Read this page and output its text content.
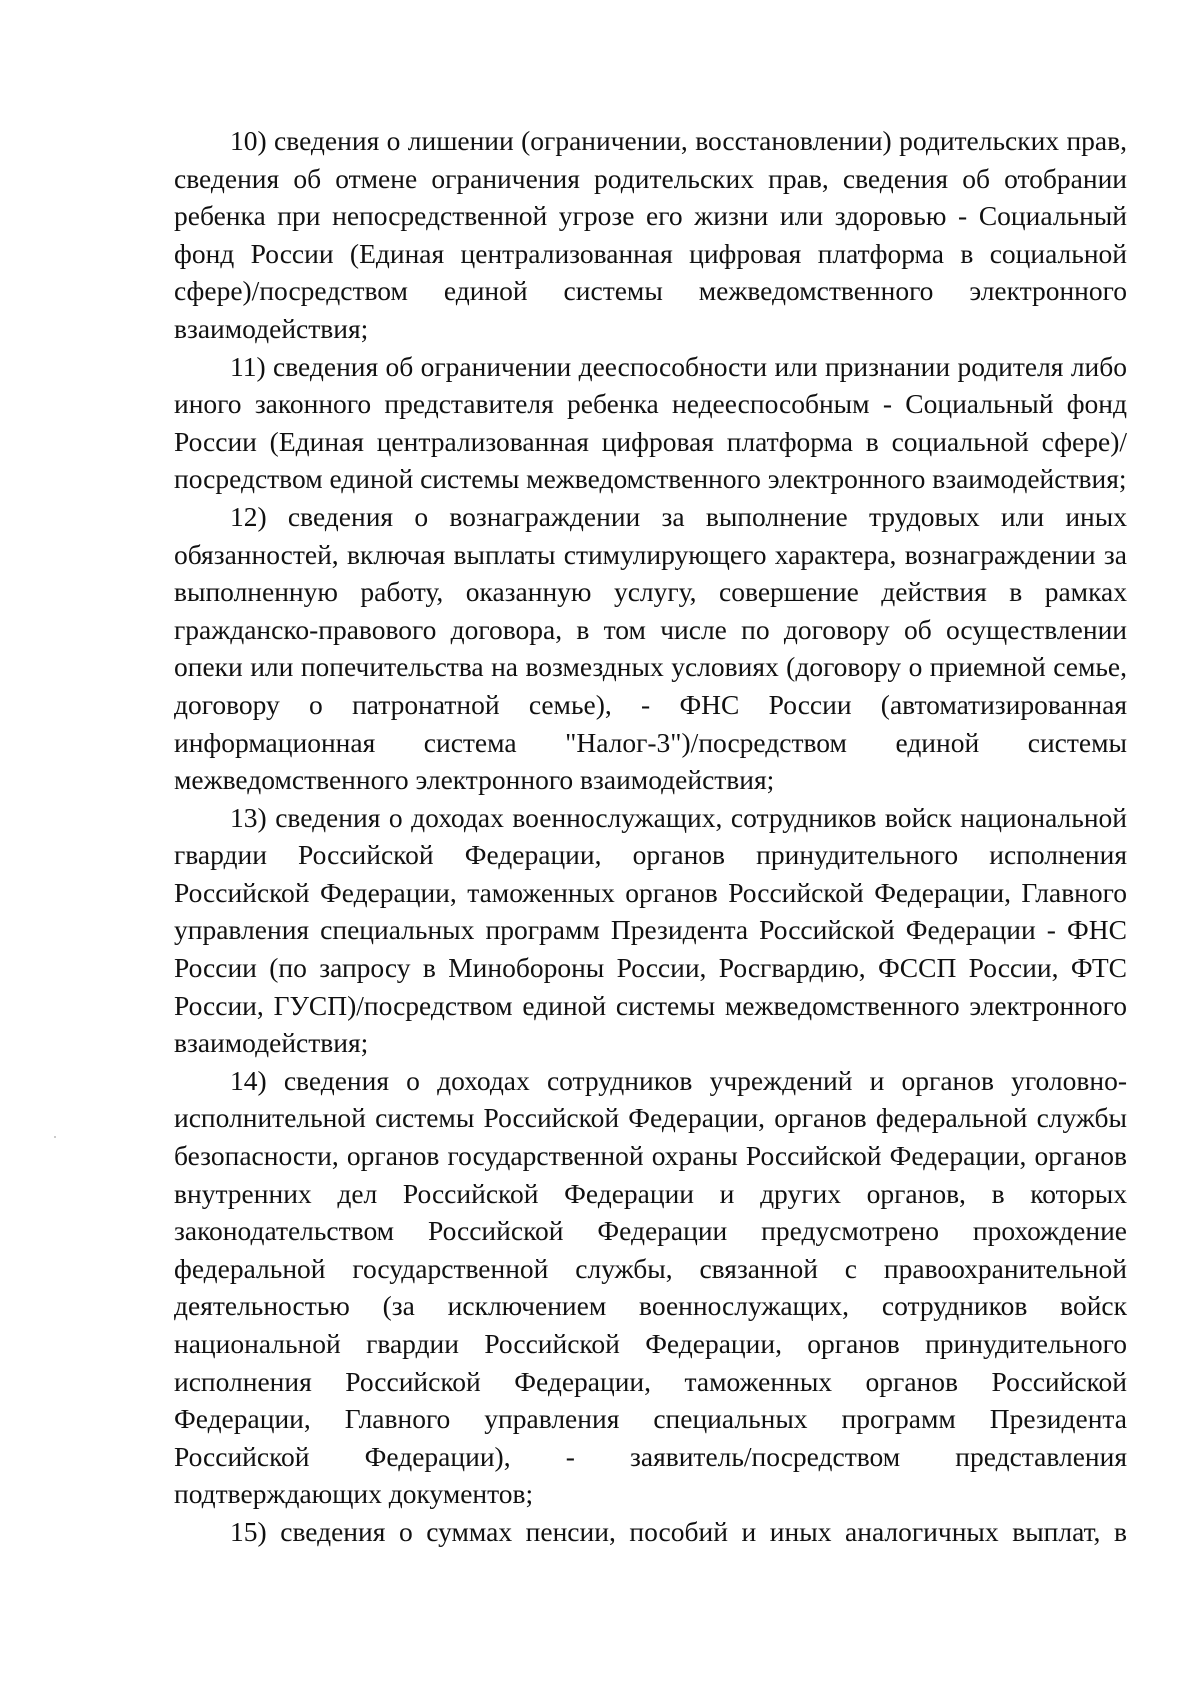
10) сведения о лишении (ограничении, восстановлении) родительских прав, сведения об отмене ограничения родительских прав, сведения об отобрании ребенка при непосредственной угрозе его жизни или здоровью - Социальный фонд России (Единая централизованная цифровая платформа в социальной сфере)/посредством единой системы межведомственного электронного взаимодействия;

11) сведения об ограничении дееспособности или признании родителя либо иного законного представителя ребенка недееспособным - Социальный фонд России (Единая централизованная цифровая платформа в социальной сфере)/посредством единой системы межведомственного электронного взаимодействия;

12) сведения о вознаграждении за выполнение трудовых или иных обязанностей, включая выплаты стимулирующего характера, вознаграждении за выполненную работу, оказанную услугу, совершение действия в рамках гражданско-правового договора, в том числе по договору об осуществлении опеки или попечительства на возмездных условиях (договору о приемной семье, договору о патронатной семье), - ФНС России (автоматизированная информационная система "Налог-3")/посредством единой системы межведомственного электронного взаимодействия;

13) сведения о доходах военнослужащих, сотрудников войск национальной гвардии Российской Федерации, органов принудительного исполнения Российской Федерации, таможенных органов Российской Федерации, Главного управления специальных программ Президента Российской Федерации - ФНС России (по запросу в Минобороны России, Росгвардию, ФССП России, ФТС России, ГУСП)/посредством единой системы межведомственного электронного взаимодействия;

14) сведения о доходах сотрудников учреждений и органов уголовно-исполнительной системы Российской Федерации, органов федеральной службы безопасности, органов государственной охраны Российской Федерации, органов внутренних дел Российской Федерации и других органов, в которых законодательством Российской Федерации предусмотрено прохождение федеральной государственной службы, связанной с правоохранительной деятельностью (за исключением военнослужащих, сотрудников войск национальной гвардии Российской Федерации, органов принудительного исполнения Российской Федерации, таможенных органов Российской Федерации, Главного управления специальных программ Президента Российской Федерации), - заявитель/посредством представления подтверждающих документов;

15) сведения о суммах пенсии, пособий и иных аналогичных выплат, в
